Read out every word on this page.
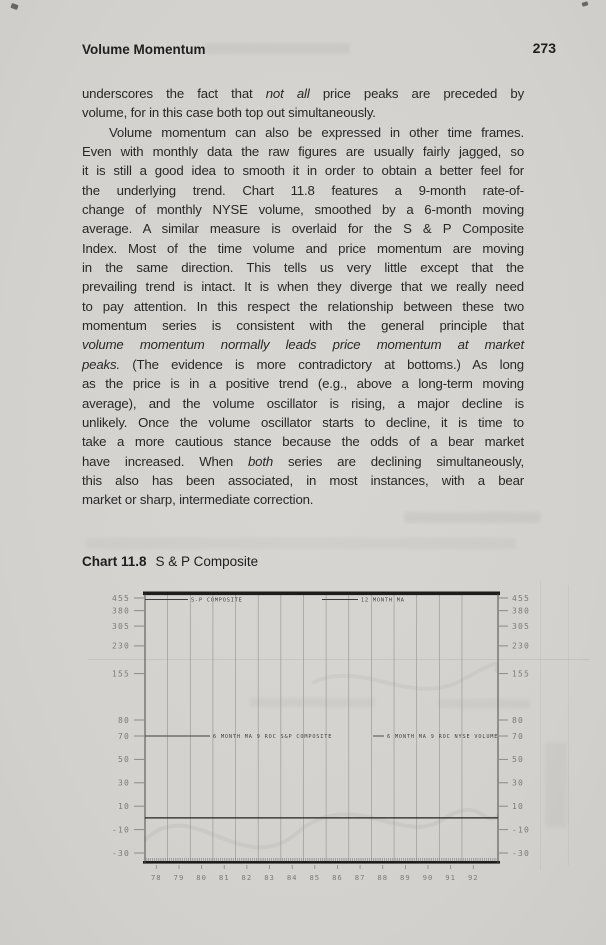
Volume Momentum	273
underscores the fact that not all price peaks are preceded by
volume, for in this case both top out simultaneously.
Volume momentum can also be expressed in other time frames.
Even with monthly data the raw figures are usually fairly jagged, so
it is still a good idea to smooth it in order to obtain a better feel for
the underlying trend. Chart 11.8 features a 9-month rate-of-
change of monthly NYSE volume, smoothed by a 6-month moving
average. A similar measure is overlaid for the S & P Composite
Index. Most of the time volume and price momentum are moving
in the same direction. This tells us very little except that the
prevailing trend is intact. It is when they diverge that we really need
to pay attention. In this respect the relationship between these two
momentum series is consistent with the general principle that
volume momentum normally leads price momentum at market
peaks. (The evidence is more contradictory at bottoms.) As long
as the price is in a positive trend (e.g., above a long-term moving
average), and the volume oscillator is rising, a major decline is
unlikely. Once the volume oscillator starts to decline, it is time to
take a more cautious stance because the odds of a bear market
have increased. When both series are declining simultaneously,
this also has been associated, in most instances, with a bear
market or sharp, intermediate correction.
Chart 11.8 S & P Composite
455	455
380	380
305	305
230	230
155	155
80	80
70	70
50	50
30	30
10	10
-10	-10
-30	-30
78 79 80 81 82 83 84 85 86 87 88 89 90 91 92
S-P COMPOSITE	12 MONTH MA
6 MONTH MA 9 ROC S&P COMPOSITE	6 MONTH MA 9 ROC NYSE VOLUME
